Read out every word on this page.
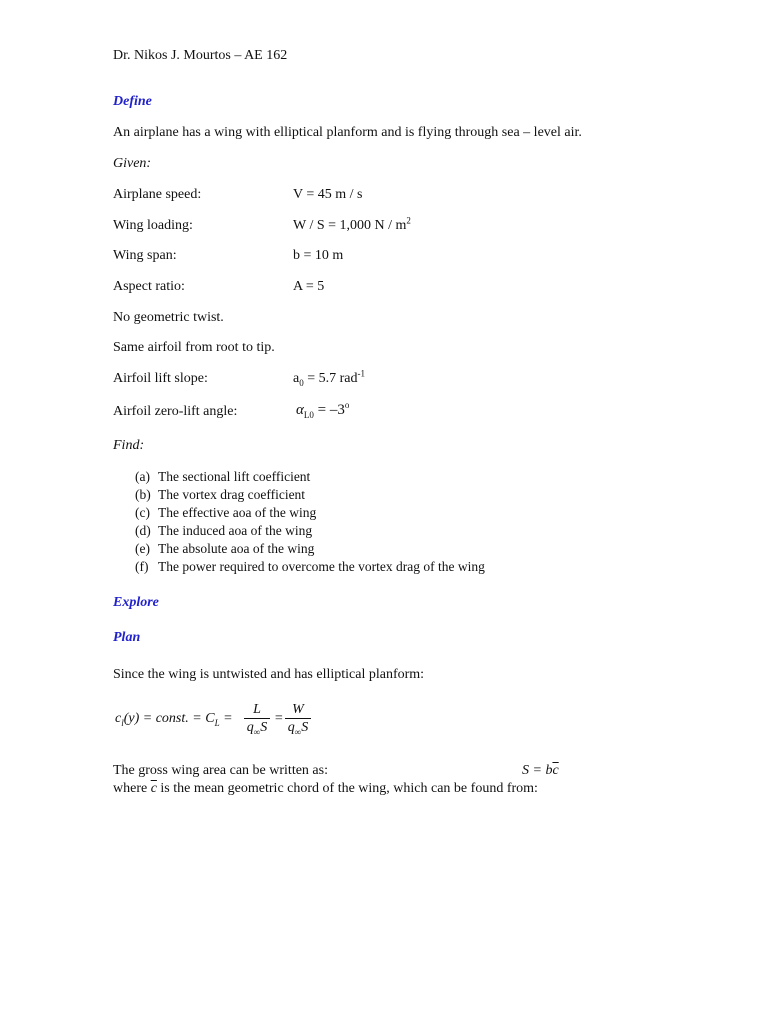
Dr. Nikos J. Mourtos – AE 162
Define
An airplane has a wing with elliptical planform and is flying through sea – level air.
Given:
Airplane speed:	V = 45 m / s
Wing loading:	W / S = 1,000 N / $m^2$
Wing span:	b = 10 m
Aspect ratio:	A = 5
No geometric twist.
Same airfoil from root to tip.
Airfoil lift slope:	$a_0 = 5.7$ rad$^{-1}$
Airfoil zero-lift angle:	$\alpha_{L0} = -3^o$
Find:
(a) The sectional lift coefficient
(b) The vortex drag coefficient
(c) The effective aoa of the wing
(d) The induced aoa of the wing
(e) The absolute aoa of the wing
(f) The power required to overcome the vortex drag of the wing
Explore
Plan
Since the wing is untwisted and has elliptical planform:
$c_l(y)$ = const. = $C_L$ =
L
$q_\infty S$
=
W
$q_\infty S$
The gross wing area can be written as:	$S = b\overline{c}$
where $\overline{c}$ is the mean geometric chord of the wing, which can be found from:
